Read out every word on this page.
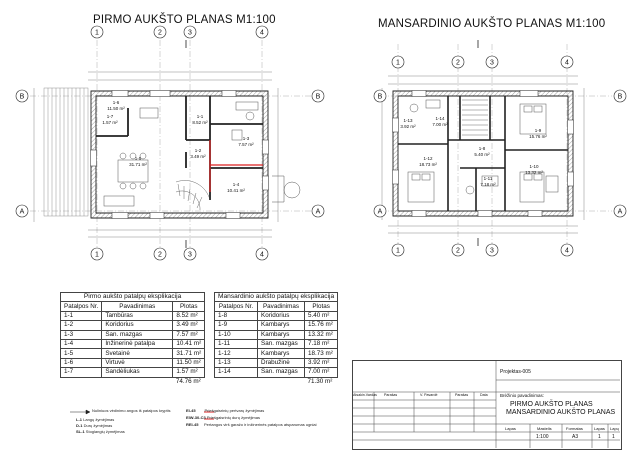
PIRMO AUKŠTO PLANAS M1:100	MANSARDINIO AUKŠTO PLANAS M1:100
1	2	3	4
1	2	3	4
B
A
B
A
1	2	3	4
1	2	3	4
B
A
B
A
1-7
1.57 m²
1-6
11.50 m²
1-5
31.71 m²
1-1
8.52 m²
1-2
3.49 m²
1-3
7.57 m²
1-4
10.41 m²
1-8
5.40 m²
1-9
15.76 m²
1-10
13.32 m²
1-11
7.18 m²
1-12
18.73 m²
1-13
3.92 m²
1-14
7.00 m²
Pirmo aukšto patalpų eksplikacija		
Patalpos Nr.	Pavadinimas	Plotas
1-1	Tambūras	8.52 m²
1-2	Koridorius	3.49 m²
1-3	San. mazgas	7.57 m²
1-4	Inžinerinė patalpa	10.41 m²
1-5	Svetainė	31.71 m²
1-6	Virtuvė	11.50 m²
1-7	Sandėliukas	1.57 m²
		74.76 m²
Mansardinio aukšto patalpų eksplikacija		
Patalpos Nr.	Pavadinimas	Plotas
1-8	Koridorius	5.40 m²
1-9	Kambarys	15.76 m²
1-10	Kambarys	13.32 m²
1-11	San. mazgas	7.18 m²
1-12	Kambarys	18.73 m²
1-13	Drabužinė	3.92 m²
1-14	San. mazgas	7.00 m²
		71.30 m²
Nuliniuos vėdinimo angos iš patalpos kryptis
L-1 Langų žymėjimas
D-1 Durų žymėjimas
SL-1 Stoglangių žymėjimas
EI-45 Priešgaisrinių pertvarų žymėjimas
EIW-30-C3 Priešgaisrinių durų žymėjimas
REI-45 Pertangos virš garažo ir inžinerinės patalpos atsparumas ugniai
Projektas-005
Brėžinio pavadinimas:
PIRMO AUKŠTO PLANAS
MANSARDINIO AUKŠTO PLANAS
Atsakin.Vardas Parašas	V. Pavardė	Parašas	Data
Lapas	Mastelis	Formatas	Lapas Lapų
1:100	A3	1 1
